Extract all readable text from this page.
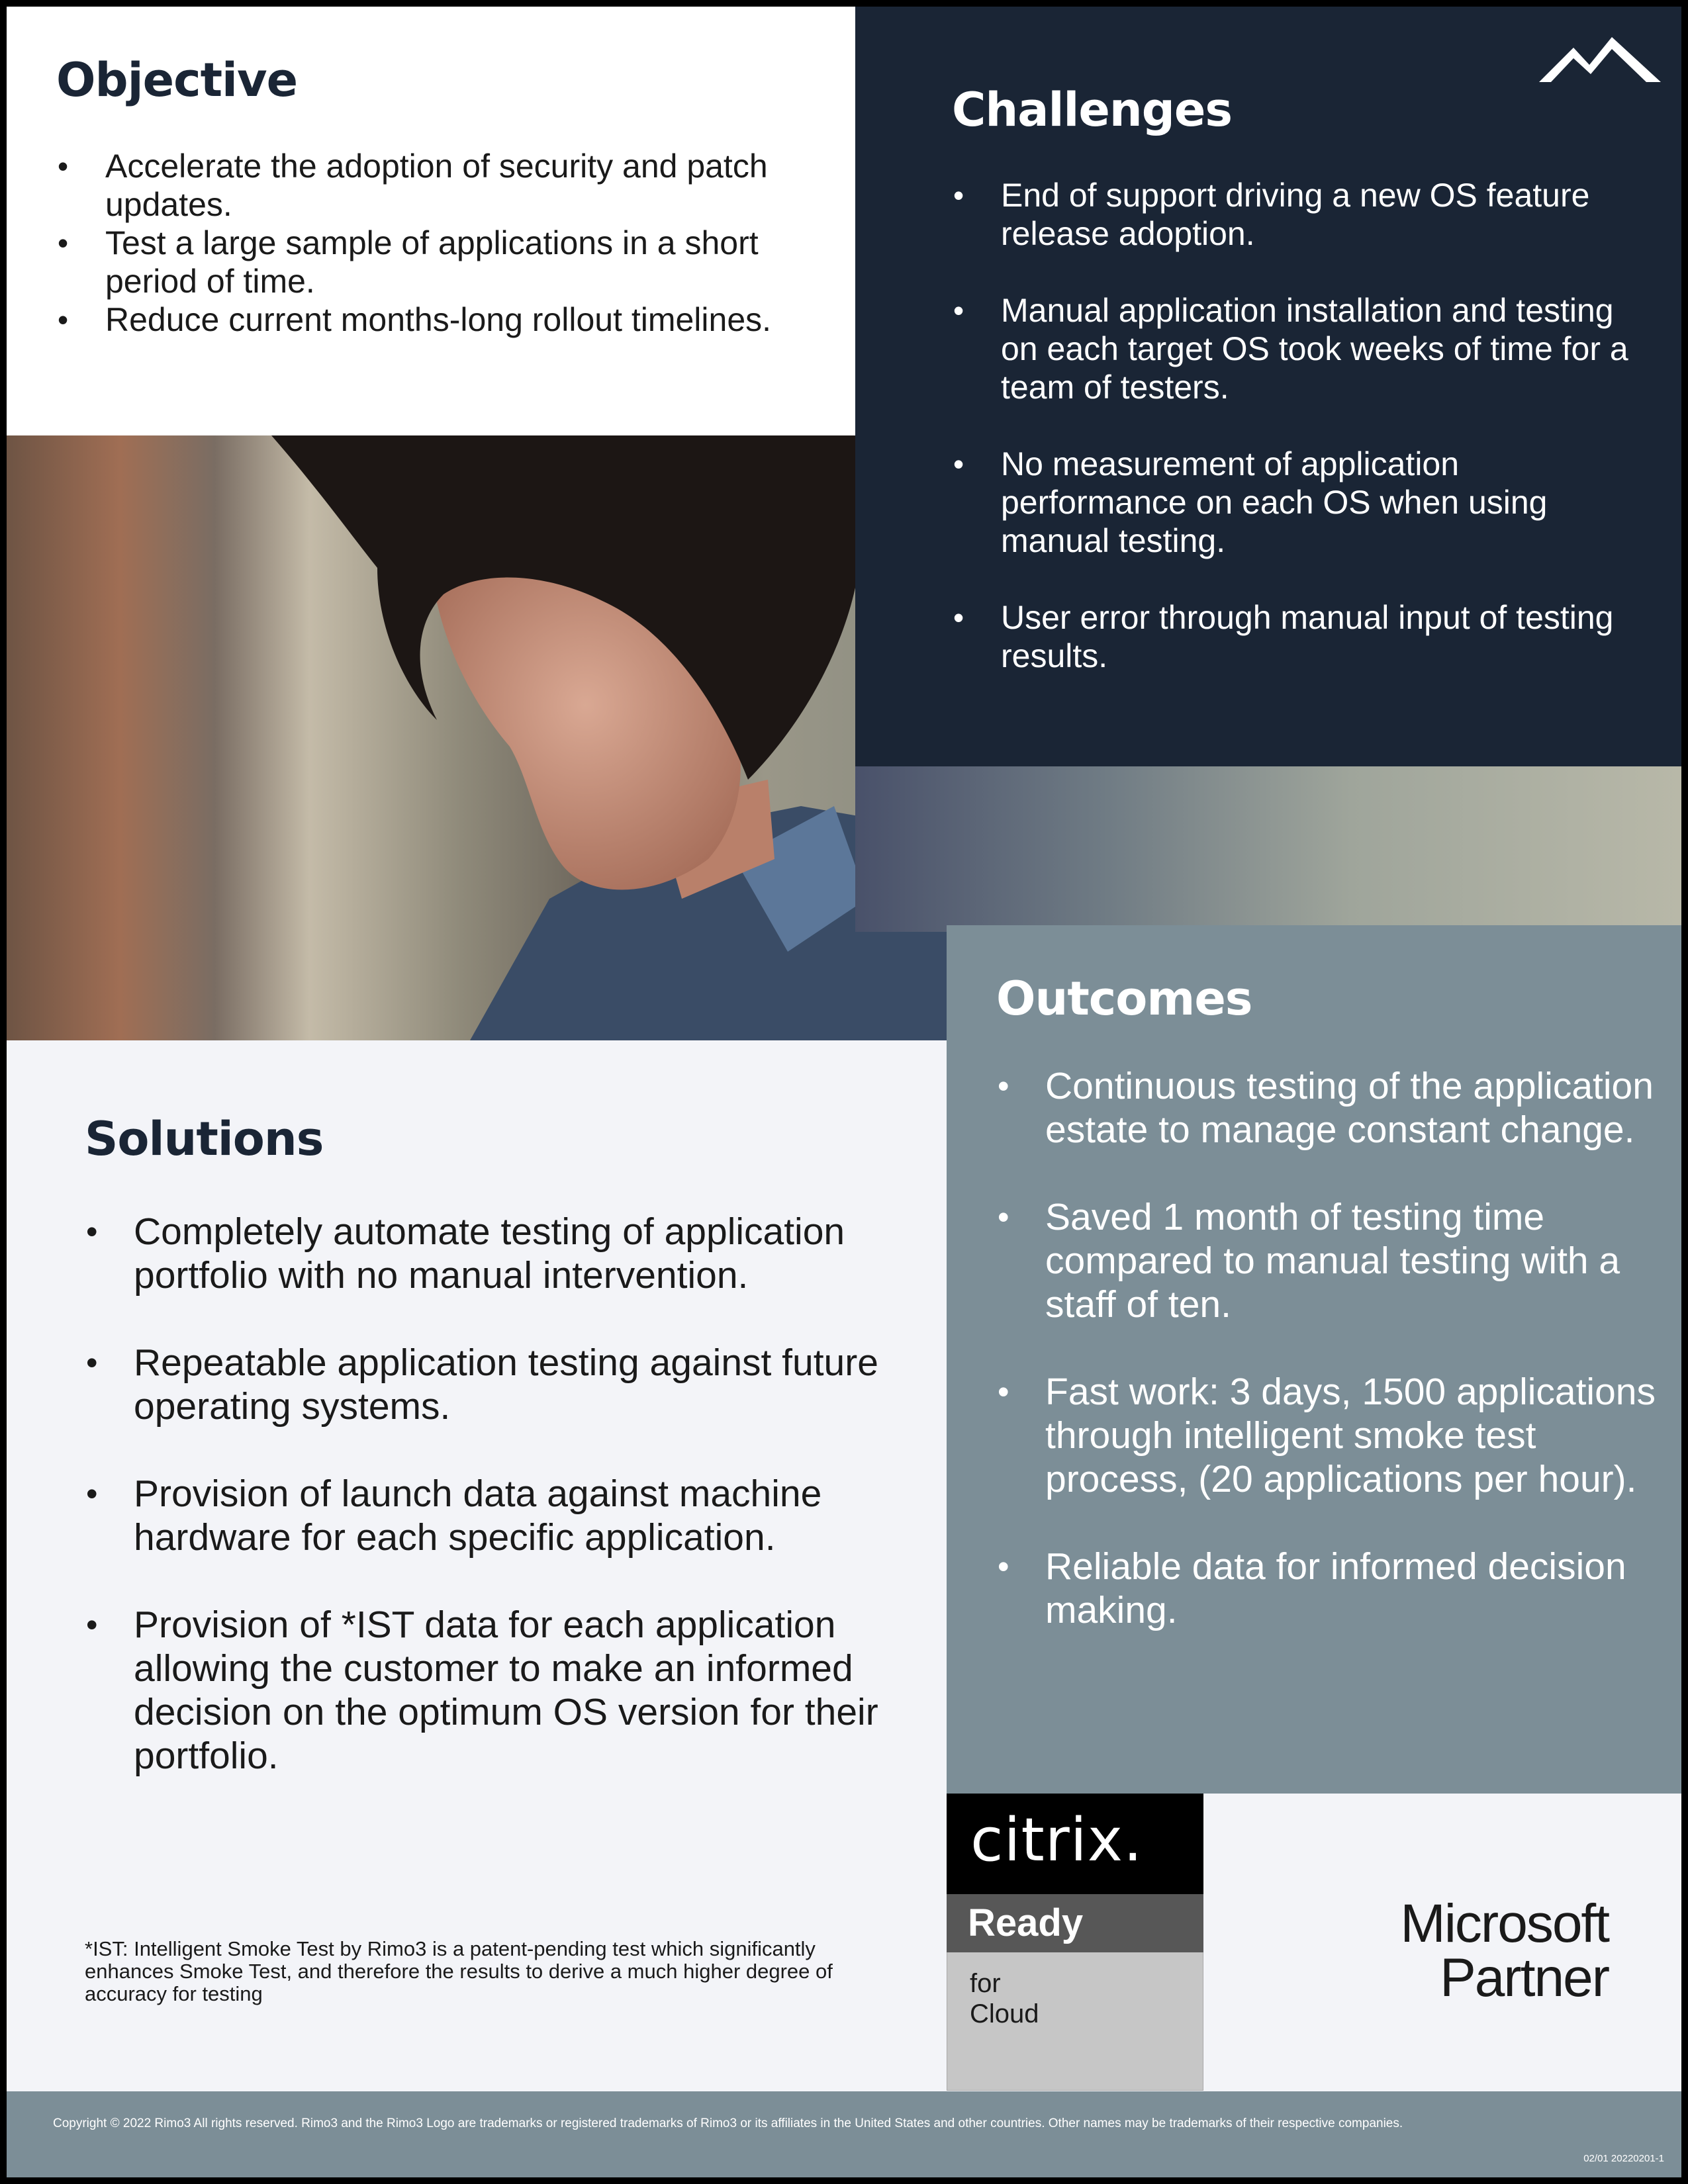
Objective
• Accelerate the adoption of security and patch updates.
• Test a large sample of applications in a short period of time.
• Reduce current months-long rollout timelines.
Challenges
• End of support driving a new OS feature release adoption.
• Manual application installation and testing on each target OS took weeks of time for a team of testers.
• No measurement of application performance on each OS when using manual testing.
• User error through manual input of testing results.
Outcomes
• Continuous testing of the application estate to manage constant change.
• Saved 1 month of testing time compared to manual testing with a staff of ten.
• Fast work: 3 days, 1500 applications through intelligent smoke test process, (20 applications per hour).
• Reliable data for informed decision making.
Solutions
• Completely automate testing of application portfolio with no manual intervention.
• Repeatable application testing against future operating systems.
• Provision of launch data against machine hardware for each specific application.
• Provision of *IST data for each application allowing the customer to make an informed decision on the optimum OS version for their portfolio.
*IST: Intelligent Smoke Test by Rimo3 is a patent-pending test which significantly enhances Smoke Test, and therefore the results to derive a much higher degree of accuracy for testing
citrix.
Ready
for
Cloud
Microsoft
Partner
Copyright © 2022 Rimo3 All rights reserved. Rimo3 and the Rimo3 Logo are trademarks or registered trademarks of Rimo3 or its affiliates in the United States and other countries. Other names may be trademarks of their respective companies.
02/01 20220201-1
